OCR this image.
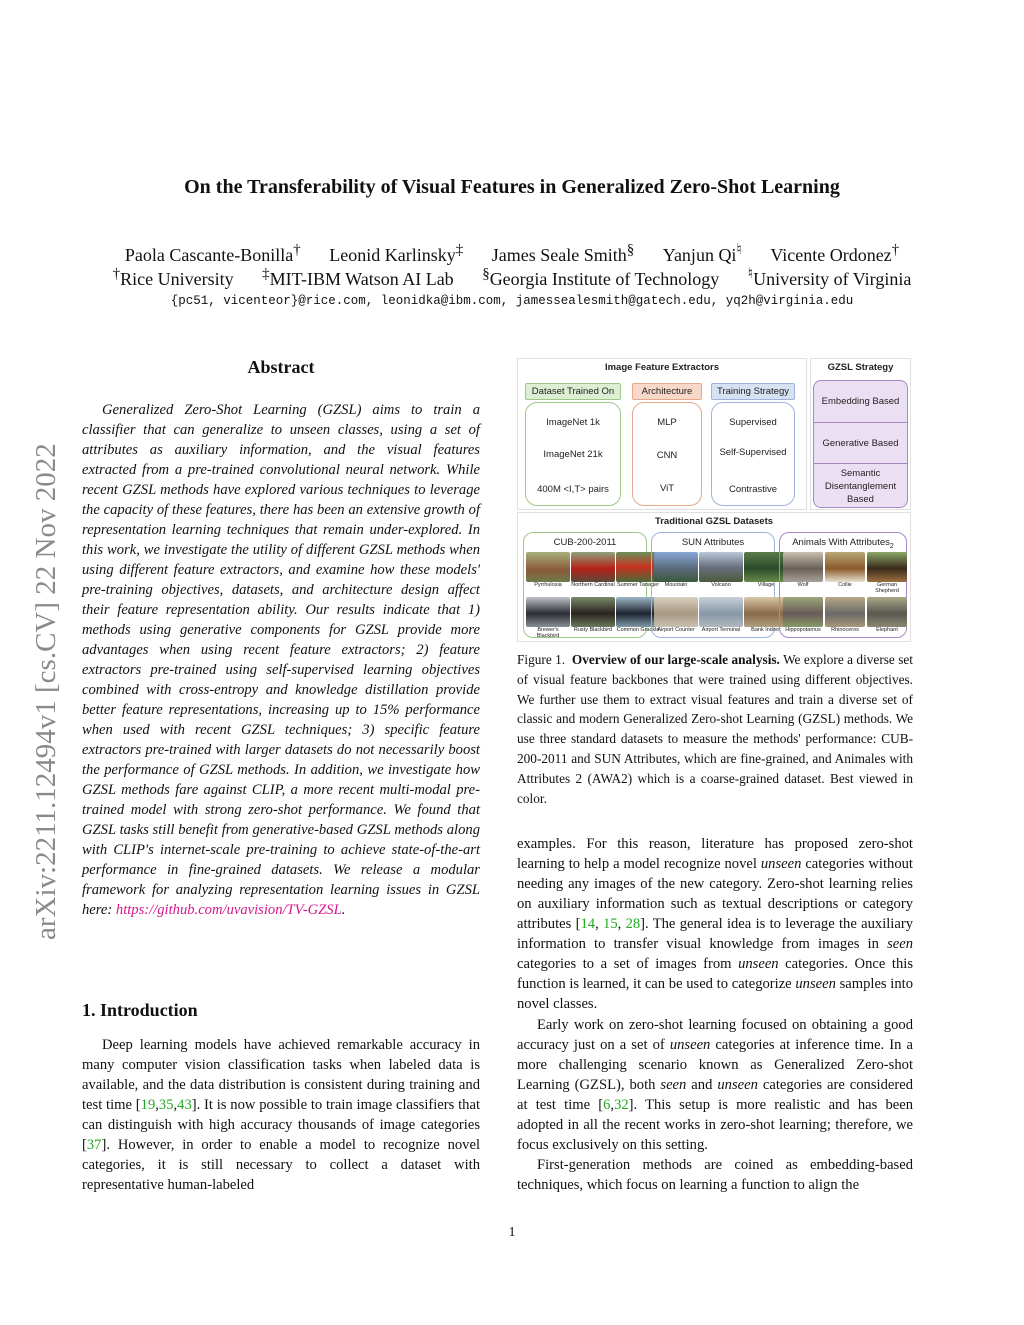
On the Transferability of Visual Features in Generalized Zero-Shot Learning
Paola Cascante-Bonilla† Leonid Karlinsky‡ James Seale Smith§ Yanjun Qi♮ Vicente Ordonez†
†Rice University ‡MIT-IBM Watson AI Lab §Georgia Institute of Technology ♮University of Virginia
{pc51, vicenteor}@rice.com, leonidka@ibm.com, jamessealesmith@gatech.edu, yq2h@virginia.edu
arXiv:2211.12494v1 [cs.CV] 22 Nov 2022
Abstract

Generalized Zero-Shot Learning (GZSL) aims to train a classifier that can generalize to unseen classes, using a set of attributes as auxiliary information, and the visual features extracted from a pre-trained convolutional neural network. While recent GZSL methods have explored various techniques to leverage the capacity of these features, there has been an extensive growth of representation learning techniques that remain under-explored. In this work, we investigate the utility of different GZSL methods when using different feature extractors, and examine how these models' pre-training objectives, datasets, and architecture design affect their feature representation ability. Our results indicate that 1) methods using generative components for GZSL provide more advantages when using recent feature extractors; 2) feature extractors pre-trained using self-supervised learning objectives combined with cross-entropy and knowledge distillation provide better feature representations, increasing up to 15% performance when used with recent GZSL techniques; 3) specific feature extractors pre-trained with larger datasets do not necessarily boost the performance of GZSL methods. In addition, we investigate how GZSL methods fare against CLIP, a more recent multi-modal pre-trained model with strong zero-shot performance. We found that GZSL tasks still benefit from generative-based GZSL methods along with CLIP's internet-scale pre-training to achieve state-of-the-art performance in fine-grained datasets. We release a modular framework for analyzing representation learning issues in GZSL here: https://github.com/uvavision/TV-GZSL.

1. Introduction

Deep learning models have achieved remarkable accuracy in many computer vision classification tasks when labeled data is available, and the data distribution is consistent during training and test time [19,35,43]. It is now possible to train image classifiers that can distinguish with high accuracy thousands of image categories [37]. However, in order to enable a model to recognize novel categories, it is still necessary to collect a dataset with representative human-labeled

examples. For this reason, literature has proposed zero-shot learning to help a model recognize novel unseen categories without needing any images of the new category. Zero-shot learning relies on auxiliary information such as textual descriptions or category attributes [14, 15, 28]. The general idea is to leverage the auxiliary information to transfer visual knowledge from images in seen categories to a set of images from unseen categories. Once this function is learned, it can be used to categorize unseen samples into novel classes.

Early work on zero-shot learning focused on obtaining a good accuracy just on a set of unseen categories at inference time. In a more challenging scenario known as Generalized Zero-shot Learning (GZSL), both seen and unseen categories are considered at test time [6,32]. This setup is more realistic and has been adopted in all the recent works in zero-shot learning; therefore, we focus exclusively on this setting.

First-generation methods are coined as embedding-based techniques, which focus on learning a function to align the

Image Feature Extractors
Dataset Trained On	Architecture	Training Strategy
ImageNet 1k
ImageNet 21k
400M <I,T> pairs
MLP
CNN
ViT
Supervised
Self-Supervised
Contrastive
GZSL Strategy
Embedding Based
Generative Based
Semantic Disentanglement Based
Traditional GZSL Datasets
CUB-200-2011
Pyrrhuloxia	Northern Cardinal Summer Tanager
Brewer's Blackbird
Rusty Blackbird Common Grackle
SUN Attributes
Mountain	Volcano	Village
Airport Counter	Airport Terminal	Bank Indoor
Animals With Attributes$_2$
Wolf	Collie	German Shepherd
Hippopotamus	Rhinoceros	Elephant

Figure 1. Overview of our large-scale analysis. We explore a diverse set of visual feature backbones that were trained using different objectives. We further use them to extract visual features and train a diverse set of classic and modern Generalized Zero-shot Learning (GZSL) methods. We use three standard datasets to measure the methods' performance: CUB-200-2011 and SUN Attributes, which are fine-grained, and Animales with Attributes 2 (AWA2) which is a coarse-grained dataset. Best viewed in color.

1
